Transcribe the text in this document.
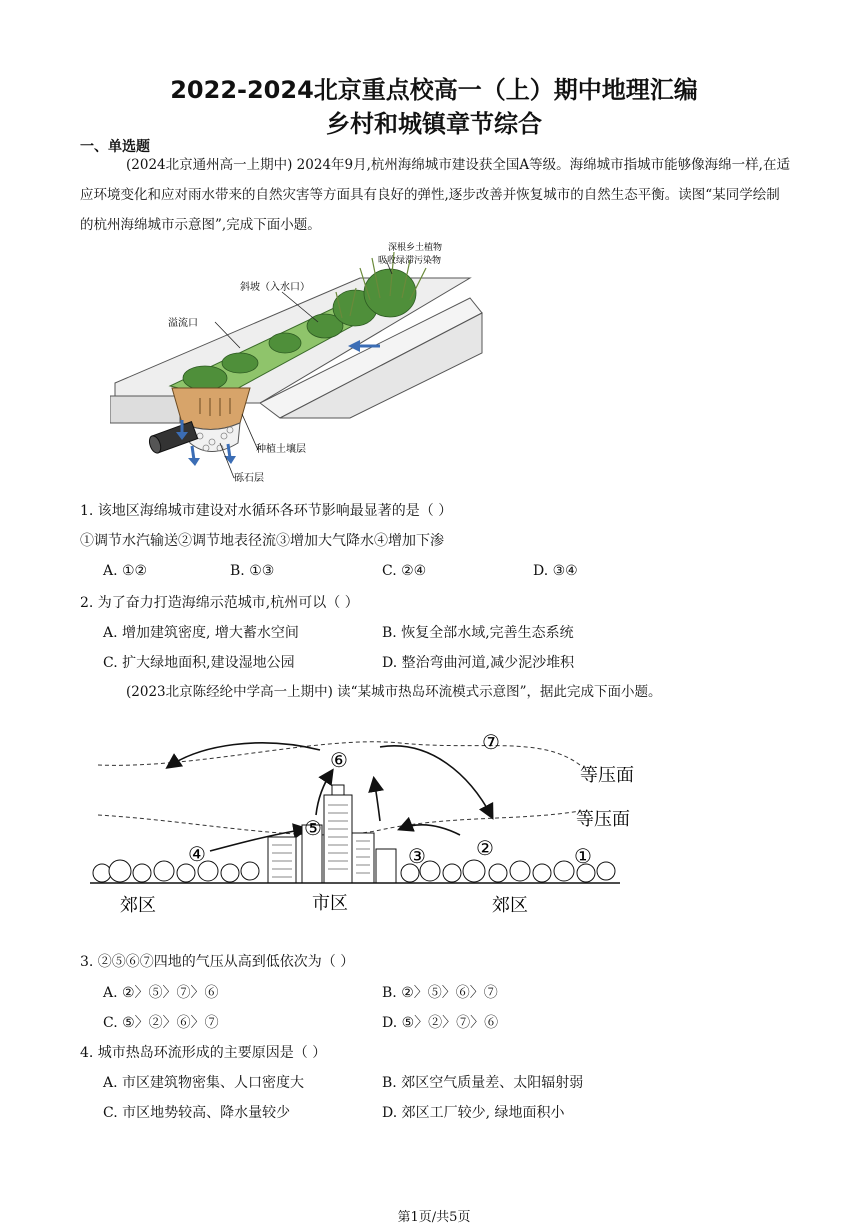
2022-2024北京重点校高一（上）期中地理汇编
乡村和城镇章节综合
一、单选题
(2024北京通州高一上期中) 2024年9月,杭州海绵城市建设获全国A等级。海绵城市指城市能够像海绵一样,在适应环境变化和应对雨水带来的自然灾害等方面具有良好的弹性,逐步改善并恢复城市的自然生态平衡。读图“某同学绘制的杭州海绵城市示意图”,完成下面小题。
深根乡土植物
吸收绿滞污染物
斜坡（入水口）
溢流口
种植土壤层
砾石层
1. 该地区海绵城市建设对水循环各环节影响最显著的是（ ）
①调节水汽输送②调节地表径流③增加大气降水④增加下渗
A. ①②	B. ①③	C. ②④	D. ③④
2. 为了奋力打造海绵示范城市,杭州可以（ ）
A. 增加建筑密度, 增大蓄水空间	B. 恢复全部水域,完善生态系统
C. 扩大绿地面积,建设湿地公园	D. 整治弯曲河道,减少泥沙堆积
(2023北京陈经纶中学高一上期中) 读“某城市热岛环流模式示意图”，据此完成下面小题。
⑦
⑥
⑤
④	③	②	①
等压面
等压面
郊区	市区	郊区
3. ②⑤⑥⑦四地的气压从高到低依次为（ ）
A. ②〉⑤〉⑦〉⑥	B. ②〉⑤〉⑥〉⑦
C. ⑤〉②〉⑥〉⑦	D. ⑤〉②〉⑦〉⑥
4. 城市热岛环流形成的主要原因是（ ）
A. 市区建筑物密集、人口密度大	B. 郊区空气质量差、太阳辐射弱
C. 市区地势较高、降水量较少	D. 郊区工厂较少, 绿地面积小
第1页/共5页
